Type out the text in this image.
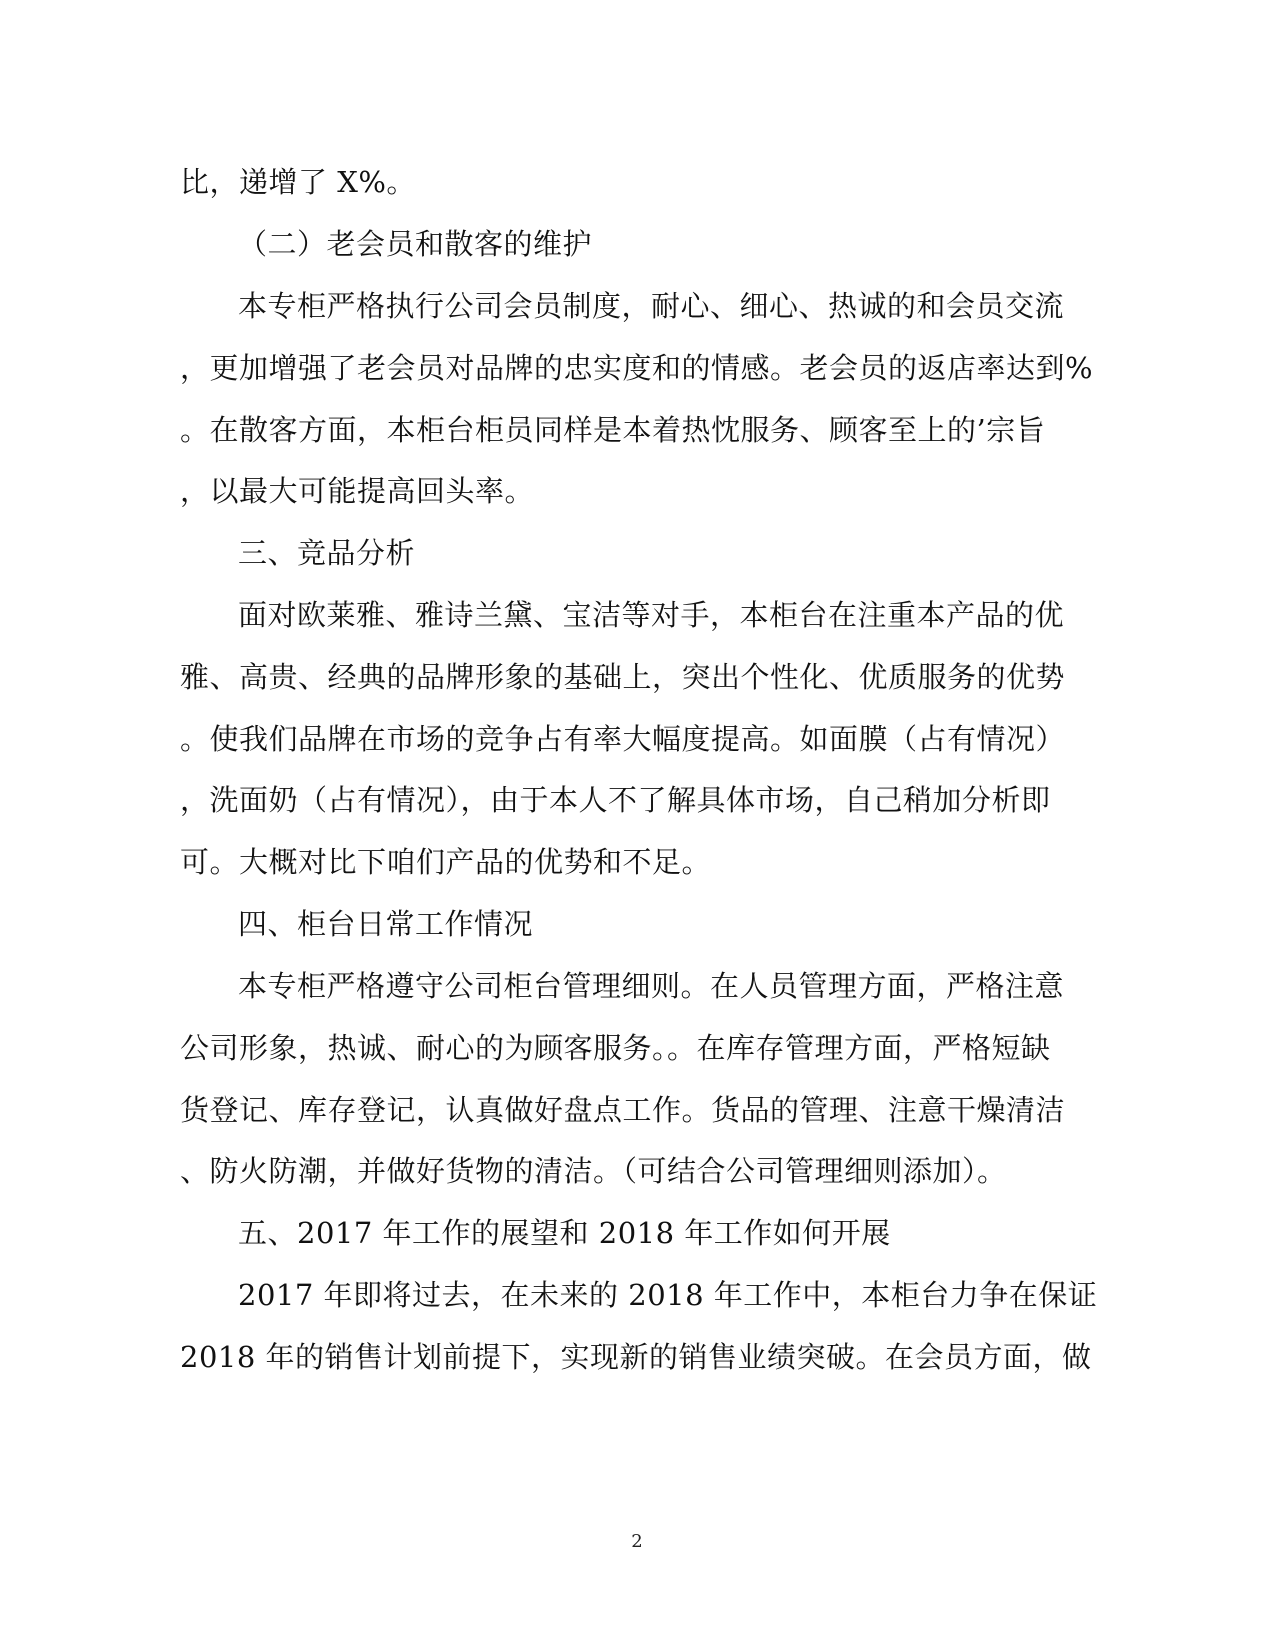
比，递增了 X%。
（二）老会员和散客的维护
本专柜严格执行公司会员制度，耐心、细心、热诚的和会员交流
，更加增强了老会员对品牌的忠实度和的情感。老会员的返店率达到%
。在散客方面，本柜台柜员同样是本着热忱服务、顾客至上的’宗旨
，以最大可能提高回头率。
三、竞品分析
面对欧莱雅、雅诗兰黛、宝洁等对手，本柜台在注重本产品的优
雅、高贵、经典的品牌形象的基础上，突出个性化、优质服务的优势
。使我们品牌在市场的竞争占有率大幅度提高。如面膜（占有情况）
，洗面奶（占有情况），由于本人不了解具体市场，自己稍加分析即
可。大概对比下咱们产品的优势和不足。
四、柜台日常工作情况
本专柜严格遵守公司柜台管理细则。在人员管理方面，严格注意
公司形象，热诚、耐心的为顾客服务。。在库存管理方面，严格短缺
货登记、库存登记，认真做好盘点工作。货品的管理、注意干燥清洁
、防火防潮，并做好货物的清洁。（可结合公司管理细则添加）。
五、2017 年工作的展望和 2018 年工作如何开展
2017 年即将过去，在未来的 2018 年工作中，本柜台力争在保证
2018 年的销售计划前提下，实现新的销售业绩突破。在会员方面，做
2
